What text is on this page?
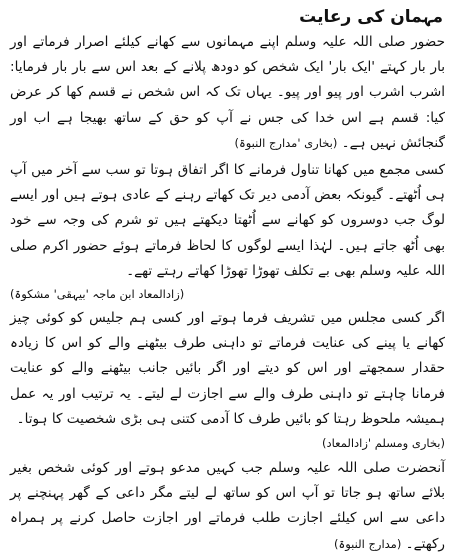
مہمان کی رعایت

حضور صلی اللہ علیہ وسلم اپنے مہمانوں سے کھانے کیلئے اصرار فرماتے اور بار بار کہتے 'ایک بار' ایک شخص کو دودھ پلانے کے بعد اس سے بار بار فرمایا: اشرب اشرب اور پیو اور پیو۔ یہاں تک کہ اس شخص نے قسم کھا کر عرض کیا: قسم ہے اس خدا کی جس نے آپ کو حق کے ساتھ بھیجا ہے اب اور گنجائش نہیں ہے۔ (بخاری 'مدارج النبوۃ)

کسی مجمع میں کھانا تناول فرمانے کا اگر اتفاق ہوتا تو سب سے آخر میں آپ ہی اُٹھتے۔ گیونکہ بعض آدمی دیر تک کھاتے رہنے کے عادی ہوتے ہیں اور ایسے لوگ جب دوسروں کو کھانے سے اُٹھتا دیکھتے ہیں تو شرم کی وجہ سے خود بھی اُٹھ جاتے ہیں۔ لہٰذا ایسے لوگوں کا لحاظ فرماتے ہوئے حضور اکرم صلی اللہ علیہ وسلم بھی بے تکلف تھوڑا تھوڑا کھاتے رہتے تھے۔

(زادالمعاد ابن ماجہ 'بیہقی' مشکوۃ)

اگر کسی مجلس میں تشریف فرما ہوتے اور کسی ہم جلیس کو کوئی چیز کھانے یا پینے کی عنایت فرماتے تو داہنی طرف بیٹھنے والے کو اس کا زیادہ حقدار سمجھتے اور اس کو دیتے اور اگر بائیں جانب بیٹھنے والے کو عنایت فرمانا چاہتے تو داہنی طرف والے سے اجازت لے لیتے۔ یہ ترتیب اور یہ عمل ہمیشہ ملحوظ رہتا کو بائیں طرف کا آدمی کتنی ہی بڑی شخصیت کا ہوتا۔

(بخاری ومسلم 'زادالمعاد)

آنحضرت صلی اللہ علیہ وسلم جب کہیں مدعو ہوتے اور کوئی شخص بغیر بلائے ساتھ ہو جاتا تو آپ اس کو ساتھ لے لیتے مگر داعی کے گھر پہنچنے پر داعی سے اس کیلئے اجازت طلب فرماتے اور اجازت حاصل کرنے پر ہمراہ رکھتے۔ (مدارج النبوۃ)
